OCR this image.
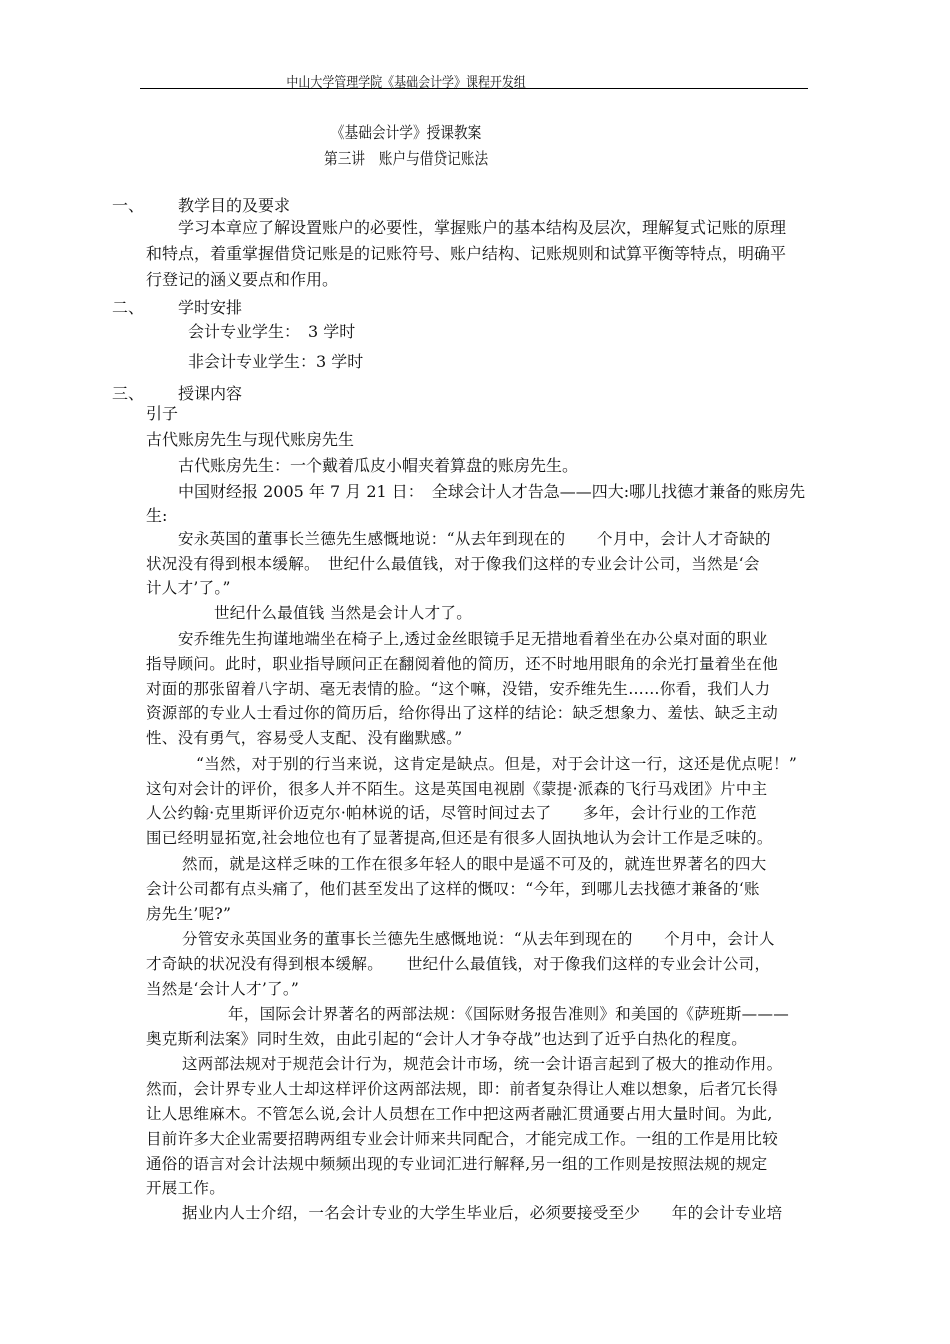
中山大学管理学院《基础会计学》课程开发组
《基础会计学》授课教案
第三讲　账户与借贷记账法
一、 教学目的及要求
学习本章应了解设置账户的必要性，掌握账户的基本结构及层次，理解复式记账的原理
和特点，着重掌握借贷记账是的记账符号、账户结构、记账规则和试算平衡等特点，明确平
行登记的涵义要点和作用。
二、 学时安排
会计专业学生：　3 学时
非会计专业学生：3 学时
三、 授课内容
引子
古代账房先生与现代账房先生
古代账房先生：一个戴着瓜皮小帽夹着算盘的账房先生。
中国财经报 2005 年 7 月 21 日：　全球会计人才告急——四大:哪儿找德才兼备的账房先
生:
安永英国的董事长兰德先生感慨地说：“从去年到现在的　　个月中，会计人才奇缺的
状况没有得到根本缓解。　世纪什么最值钱，对于像我们这样的专业会计公司，当然是‘会
计人才’了。”
世纪什么最值钱 当然是会计人才了。
安乔维先生拘谨地端坐在椅子上,透过金丝眼镜手足无措地看着坐在办公桌对面的职业
指导顾问。此时，职业指导顾问正在翻阅着他的简历，还不时地用眼角的余光打量着坐在他
对面的那张留着八字胡、毫无表情的脸。“这个嘛，没错，安乔维先生……你看，我们人力
资源部的专业人士看过你的简历后，给你得出了这样的结论：缺乏想象力、羞怯、缺乏主动
性、没有勇气，容易受人支配、没有幽默感。”
“当然，对于别的行当来说，这肯定是缺点。但是，对于会计这一行，这还是优点呢！”
这句对会计的评价，很多人并不陌生。这是英国电视剧《蒙提·派森的飞行马戏团》片中主
人公约翰·克里斯评价迈克尔·帕林说的话，尽管时间过去了　　多年，会计行业的工作范
围已经明显拓宽,社会地位也有了显著提高,但还是有很多人固执地认为会计工作是乏味的。
然而，就是这样乏味的工作在很多年轻人的眼中是遥不可及的，就连世界著名的四大
会计公司都有点头痛了，他们甚至发出了这样的慨叹：“今年，到哪儿去找德才兼备的‘账
房先生’呢?”
分管安永英国业务的董事长兰德先生感慨地说：“从去年到现在的　　个月中，会计人
才奇缺的状况没有得到根本缓解。　　世纪什么最值钱，对于像我们这样的专业会计公司，
当然是‘会计人才’了。”
年，国际会计界著名的两部法规：《国际财务报告准则》和美国的《萨班斯———
奥克斯利法案》同时生效，由此引起的“会计人才争夺战”也达到了近乎白热化的程度。
这两部法规对于规范会计行为，规范会计市场，统一会计语言起到了极大的推动作用。
然而，会计界专业人士却这样评价这两部法规，即：前者复杂得让人难以想象，后者冗长得
让人思维麻木。不管怎么说,会计人员想在工作中把这两者融汇贯通要占用大量时间。为此,
目前许多大企业需要招聘两组专业会计师来共同配合，才能完成工作。一组的工作是用比较
通俗的语言对会计法规中频频出现的专业词汇进行解释,另一组的工作则是按照法规的规定
开展工作。
据业内人士介绍，一名会计专业的大学生毕业后，必须要接受至少　　年的会计专业培
